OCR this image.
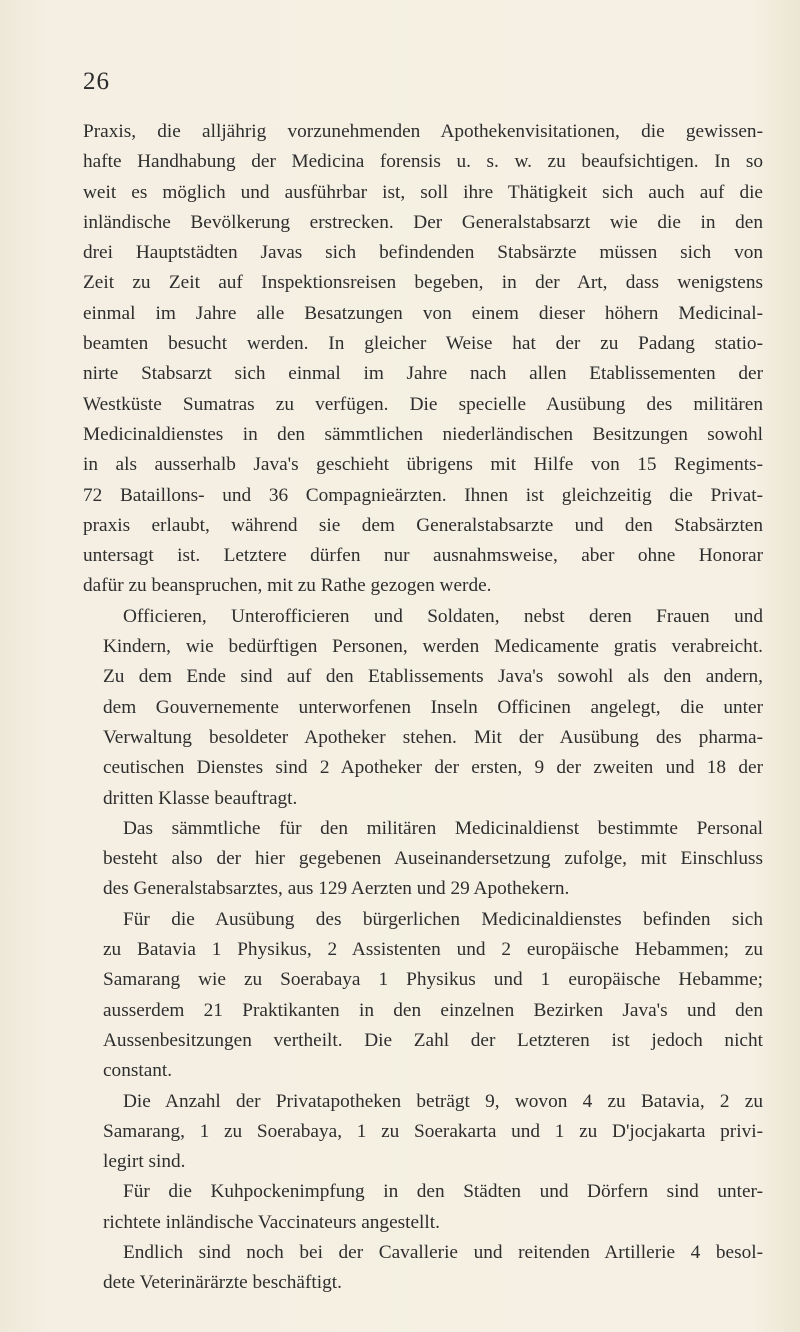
26
Praxis, die alljährig vorzunehmenden Apothekenvisitationen, die gewissen-
hafte Handhabung der Medicina forensis u. s. w. zu beaufsichtigen. In so
weit es möglich und ausführbar ist, soll ihre Thätigkeit sich auch auf die
inländische Bevölkerung erstrecken. Der Generalstabsarzt wie die in den
drei Hauptstädten Javas sich befindenden Stabsärzte müssen sich von
Zeit zu Zeit auf Inspektionsreisen begeben, in der Art, dass wenigstens
einmal im Jahre alle Besatzungen von einem dieser höhern Medicinal-
beamten besucht werden. In gleicher Weise hat der zu Padang statio-
nirte Stabsarzt sich einmal im Jahre nach allen Etablissementen der
Westküste Sumatras zu verfügen. Die specielle Ausübung des militären
Medicinaldienstes in den sämmtlichen niederländischen Besitzungen sowohl
in als ausserhalb Java's geschieht übrigens mit Hilfe von 15 Regiments-
72 Bataillons- und 36 Compagnieärzten. Ihnen ist gleichzeitig die Privat-
praxis erlaubt, während sie dem Generalstabsarzte und den Stabsärzten
untersagt ist. Letztere dürfen nur ausnahmsweise, aber ohne Honorar
dafür zu beanspruchen, mit zu Rathe gezogen werde.
Officieren, Unterofficieren und Soldaten, nebst deren Frauen und
Kindern, wie bedürftigen Personen, werden Medicamente gratis verabreicht.
Zu dem Ende sind auf den Etablissements Java's sowohl als den andern,
dem Gouvernemente unterworfenen Inseln Officinen angelegt, die unter
Verwaltung besoldeter Apotheker stehen. Mit der Ausübung des pharma-
ceutischen Dienstes sind 2 Apotheker der ersten, 9 der zweiten und 18 der
dritten Klasse beauftragt.
Das sämmtliche für den militären Medicinaldienst bestimmte Personal
besteht also der hier gegebenen Auseinandersetzung zufolge, mit Einschluss
des Generalstabsarztes, aus 129 Aerzten und 29 Apothekern.
Für die Ausübung des bürgerlichen Medicinaldienstes befinden sich
zu Batavia 1 Physikus, 2 Assistenten und 2 europäische Hebammen; zu
Samarang wie zu Soerabaya 1 Physikus und 1 europäische Hebamme;
ausserdem 21 Praktikanten in den einzelnen Bezirken Java's und den
Aussenbesitzungen vertheilt. Die Zahl der Letzteren ist jedoch nicht
constant.
Die Anzahl der Privatapotheken beträgt 9, wovon 4 zu Batavia, 2 zu
Samarang, 1 zu Soerabaya, 1 zu Soerakarta und 1 zu D'jocjakarta privi-
legirt sind.
Für die Kuhpockenimpfung in den Städten und Dörfern sind unter-
richtete inländische Vaccinateurs angestellt.
Endlich sind noch bei der Cavallerie und reitenden Artillerie 4 besol-
dete Veterinärärzte beschäftigt.
